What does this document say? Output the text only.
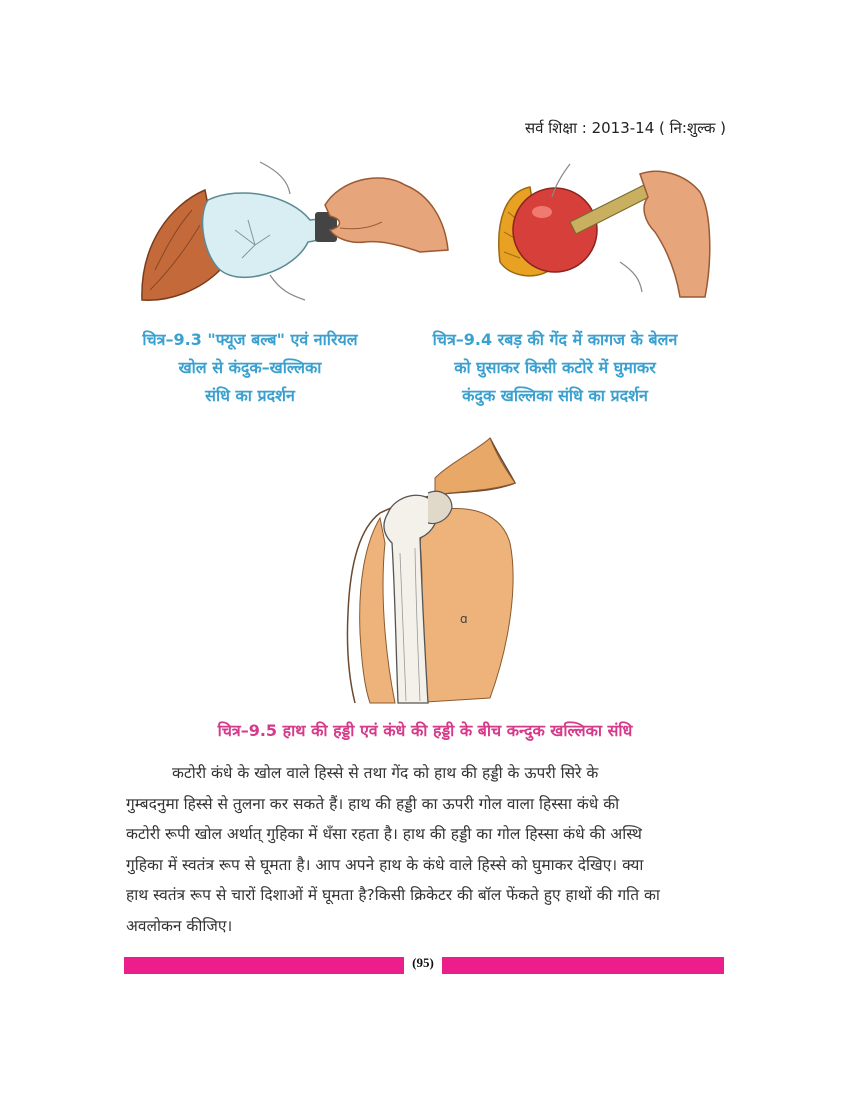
सर्व शिक्षा : 2013-14 ( नि:शुल्क )
चित्र–9.3 "फ्यूज बल्ब" एवं नारियल
खोल से कंदुक–खल्लिका
संधि का प्रदर्शन
चित्र–9.4 रबड़ की गेंद में कागज के बेलन
को घुसाकर किसी कटोरे में घुमाकर
कंदुक खल्लिका संधि का प्रदर्शन
ɑ
चित्र–9.5 हाथ की हड्डी एवं कंधे की हड्डी के बीच कन्दुक खल्लिका संधि
कटोरी कंधे के खोल वाले हिस्से से तथा गेंद को हाथ की हड्डी के ऊपरी सिरे के
गुम्बदनुमा हिस्से से तुलना कर सकते हैं। हाथ की हड्डी का ऊपरी गोल वाला हिस्सा कंधे की
कटोरी रूपी खोल अर्थात् गुहिका में धँसा रहता है। हाथ की हड्डी का गोल हिस्सा कंधे की अस्थि
गुहिका में स्वतंत्र रूप से घूमता है। आप अपने हाथ के कंधे वाले हिस्से को घुमाकर देखिए। क्या
हाथ स्वतंत्र रूप से चारों दिशाओं में घूमता है?किसी क्रिकेटर की बॉल फेंकते हुए हाथों की गति का
अवलोकन कीजिए।
(95)
